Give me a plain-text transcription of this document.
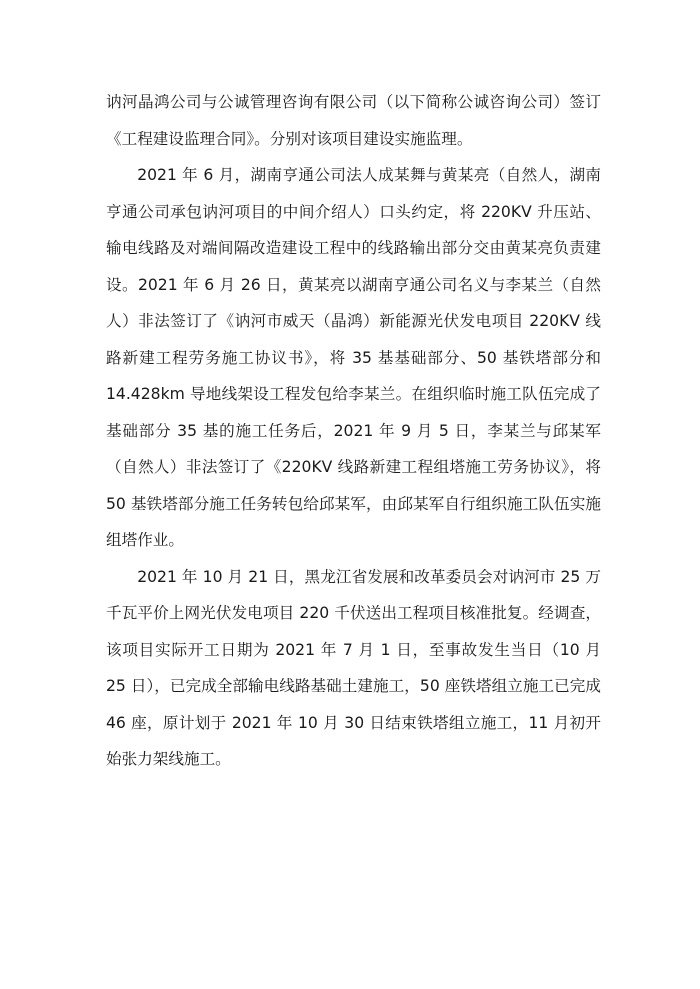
讷河晶鸿公司与公诚管理咨询有限公司（以下简称公诚咨询公司）签订《工程建设监理合同》。分别对该项目建设实施监理。

2021 年 6 月，湖南亨通公司法人成某舞与黄某亮（自然人，湖南亨通公司承包讷河项目的中间介绍人）口头约定，将 220KV 升压站、输电线路及对端间隔改造建设工程中的线路输出部分交由黄某亮负责建设。2021 年 6 月 26 日，黄某亮以湖南亨通公司名义与李某兰（自然人）非法签订了《讷河市威天（晶鸿）新能源光伏发电项目 220KV 线路新建工程劳务施工协议书》，将 35 基基础部分、50 基铁塔部分和 14.428km 导地线架设工程发包给李某兰。在组织临时施工队伍完成了基础部分 35 基的施工任务后，2021 年 9 月 5 日，李某兰与邱某军（自然人）非法签订了《220KV 线路新建工程组塔施工劳务协议》，将 50 基铁塔部分施工任务转包给邱某军，由邱某军自行组织施工队伍实施组塔作业。

2021 年 10 月 21 日，黑龙江省发展和改革委员会对讷河市 25 万千瓦平价上网光伏发电项目 220 千伏送出工程项目核准批复。经调查，该项目实际开工日期为 2021 年 7 月 1 日，至事故发生当日（10 月 25 日），已完成全部输电线路基础土建施工，50 座铁塔组立施工已完成 46 座，原计划于 2021 年 10 月 30 日结束铁塔组立施工，11 月初开始张力架线施工。
